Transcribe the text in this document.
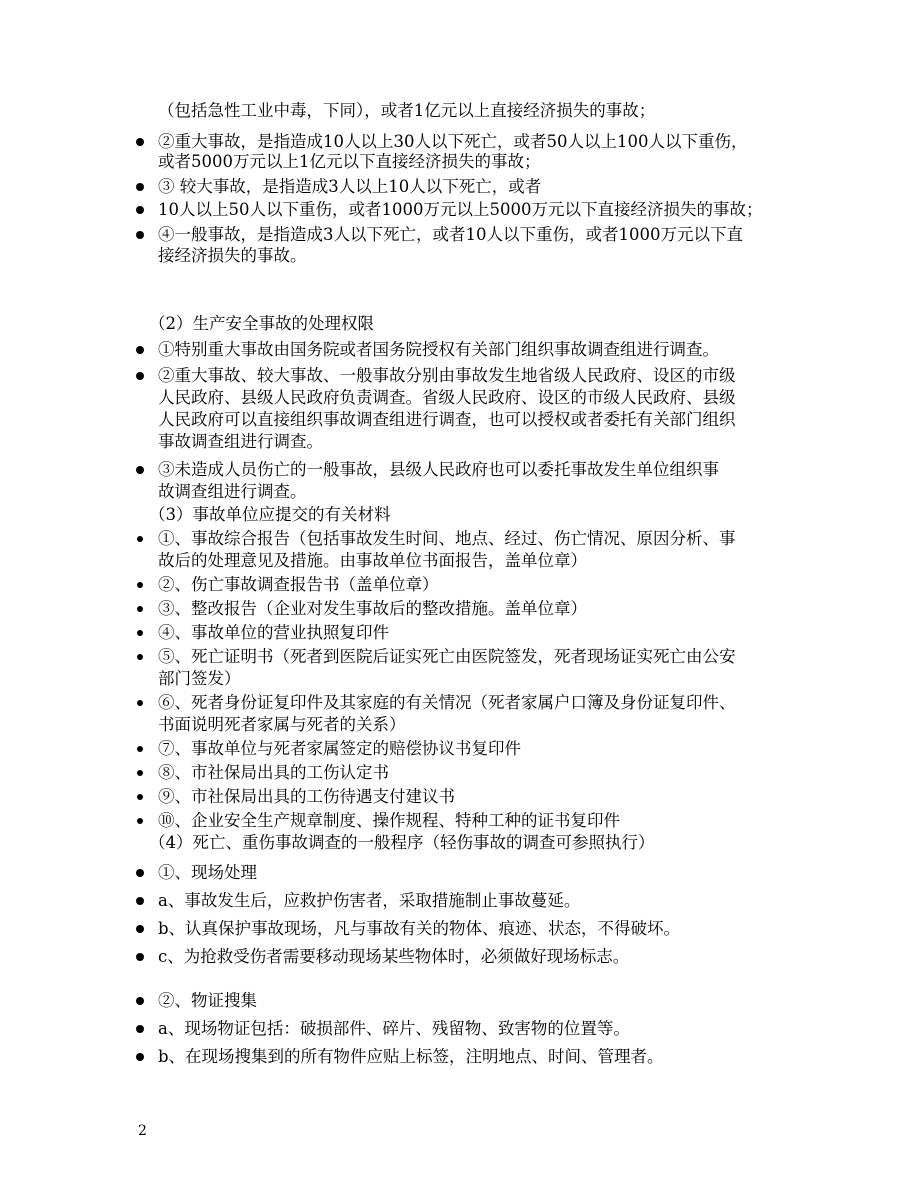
（包括急性工业中毒，下同），或者1亿元以上直接经济损失的事故；
②重大事故，是指造成10人以上30人以下死亡，或者50人以上100人以下重伤，
或者5000万元以上1亿元以下直接经济损失的事故；
③ 较大事故，是指造成3人以上10人以下死亡，或者
10人以上50人以下重伤，或者1000万元以上5000万元以下直接经济损失的事故；
④一般事故，是指造成3人以下死亡，或者10人以下重伤，或者1000万元以下直
接经济损失的事故。
（2）生产安全事故的处理权限
①特别重大事故由国务院或者国务院授权有关部门组织事故调查组进行调查。
②重大事故、较大事故、一般事故分别由事故发生地省级人民政府、设区的市级
人民政府、县级人民政府负责调查。省级人民政府、设区的市级人民政府、县级
人民政府可以直接组织事故调查组进行调查，也可以授权或者委托有关部门组织
事故调查组进行调查。
③未造成人员伤亡的一般事故，县级人民政府也可以委托事故发生单位组织事
故调查组进行调查。
（3）事故单位应提交的有关材料
①、事故综合报告（包括事故发生时间、地点、经过、伤亡情况、原因分析、事
故后的处理意见及措施。由事故单位书面报告，盖单位章）
②、伤亡事故调查报告书（盖单位章）
③、整改报告（企业对发生事故后的整改措施。盖单位章）
④、事故单位的营业执照复印件
⑤、死亡证明书（死者到医院后证实死亡由医院签发，死者现场证实死亡由公安
部门签发）
⑥、死者身份证复印件及其家庭的有关情况（死者家属户口簿及身份证复印件、
书面说明死者家属与死者的关系）
⑦、事故单位与死者家属签定的赔偿协议书复印件
⑧、市社保局出具的工伤认定书
⑨、市社保局出具的工伤待遇支付建议书
⑩、企业安全生产规章制度、操作规程、特种工种的证书复印件
（4）死亡、重伤事故调查的一般程序（轻伤事故的调查可参照执行）
①、现场处理
a、事故发生后，应救护伤害者，采取措施制止事故蔓延。
b、认真保护事故现场，凡与事故有关的物体、痕迹、状态，不得破坏。
c、为抢救受伤者需要移动现场某些物体时，必须做好现场标志。
②、物证搜集
a、现场物证包括：破损部件、碎片、残留物、致害物的位置等。
b、在现场搜集到的所有物件应贴上标签，注明地点、时间、管理者。
2
